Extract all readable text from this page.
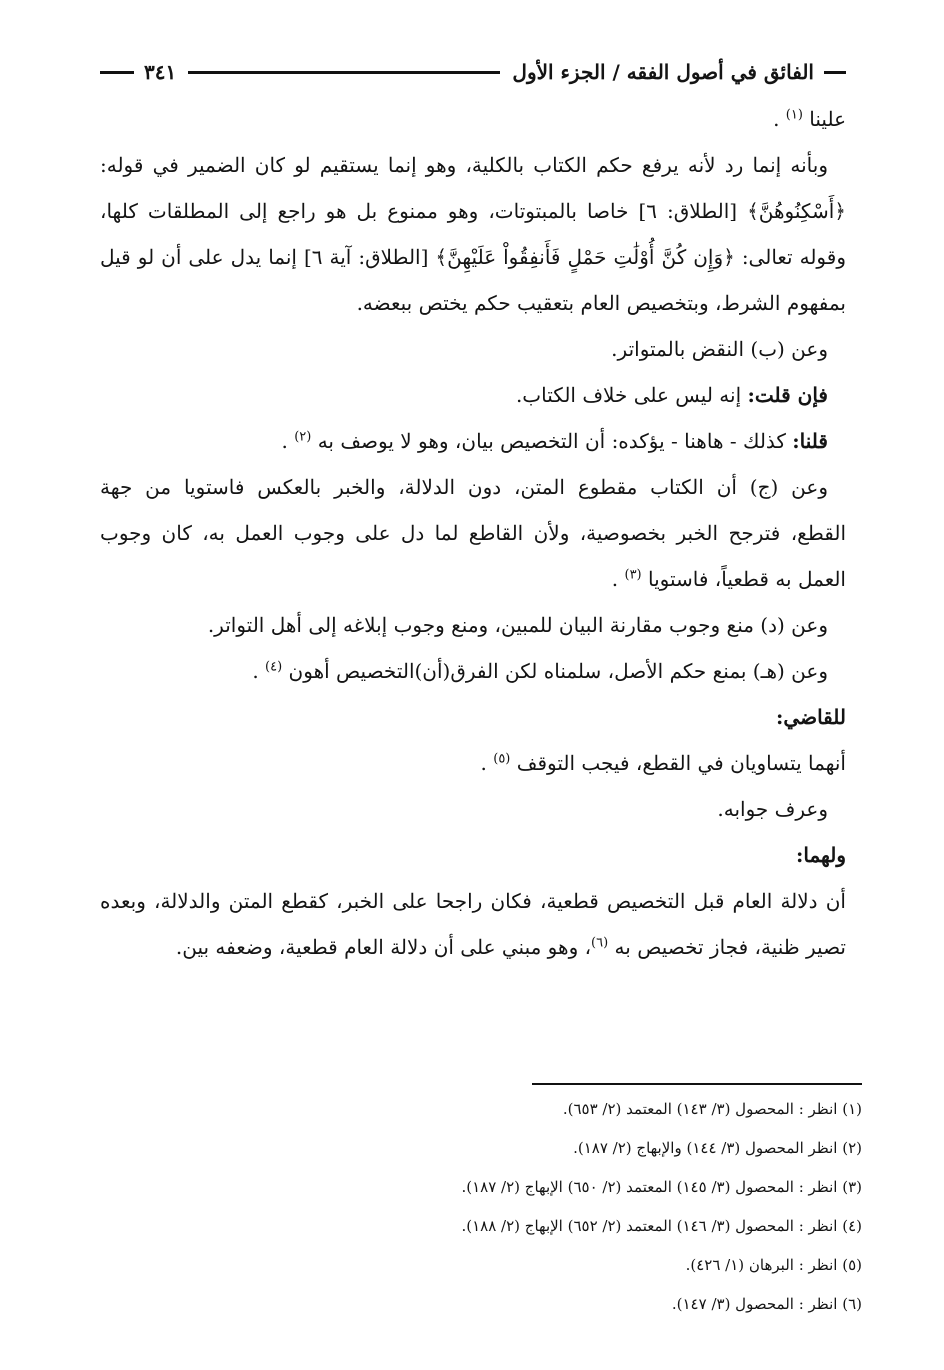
الفائق في أصول الفقه / الجزء الأول
٣٤١
علينا $^{(١)}$ .
وبأنه إنما رد لأنه يرفع حكم الكتاب بالكلية، وهو إنما يستقيم لو كان الضمير في قوله:
﴿أَسْكِنُوهُنَّ﴾ [الطلاق: ٦] خاصا بالمبتوتات، وهو ممنوع بل هو راجع إلى المطلقات كلها،
وقوله تعالى: ﴿وَإِن كُنَّ أُوْلَٰتِ حَمْلٍ فَأَنفِقُواْ عَلَيْهِنَّ﴾ [الطلاق: آية ٦] إنما يدل على أن لو قيل
بمفهوم الشرط، وبتخصيص العام بتعقيب حكم يختص ببعضه.
وعن (ب) النقض بالمتواتر.
فإن قلت: إنه ليس على خلاف الكتاب.
قلنا: كذلك - هاهنا - يؤكده: أن التخصيص بيان، وهو لا يوصف به $^{(٢)}$ .
وعن (ج) أن الكتاب مقطوع المتن، دون الدلالة، والخبر بالعكس فاستويا من جهة
القطع، فترجح الخبر بخصوصية، ولأن القاطع لما دل على وجوب العمل به، كان وجوب
العمل به قطعياً، فاستويا $^{(٣)}$ .
وعن (د) منع وجوب مقارنة البيان للمبين، ومنع وجوب إبلاغه إلى أهل التواتر.
وعن (هـ) بمنع حكم الأصل، سلمناه لكن الفرق(أن)التخصيص أهون $^{(٤)}$ .
للقاضي:
أنهما يتساويان في القطع، فيجب التوقف $^{(٥)}$ .
وعرف جوابه.
ولهما:
أن دلالة العام قبل التخصيص قطعية، فكان راجحا على الخبر، كقطع المتن والدلالة، وبعده
تصير ظنية، فجاز تخصيص به $^{(٦)}$، وهو مبني على أن دلالة العام قطعية، وضعفه بين.
(١) انظر : المحصول (٣/ ١٤٣) المعتمد (٢/ ٦٥٣).
(٢) انظر المحصول (٣/ ١٤٤) والإبهاج (٢/ ١٨٧).
(٣) انظر : المحصول (٣/ ١٤٥) المعتمد (٢/ ٦٥٠) الإبهاج (٢/ ١٨٧).
(٤) انظر : المحصول (٣/ ١٤٦) المعتمد (٢/ ٦٥٢) الإبهاج (٢/ ١٨٨).
(٥) انظر : البرهان (١/ ٤٢٦).
(٦) انظر : المحصول (٣/ ١٤٧).
